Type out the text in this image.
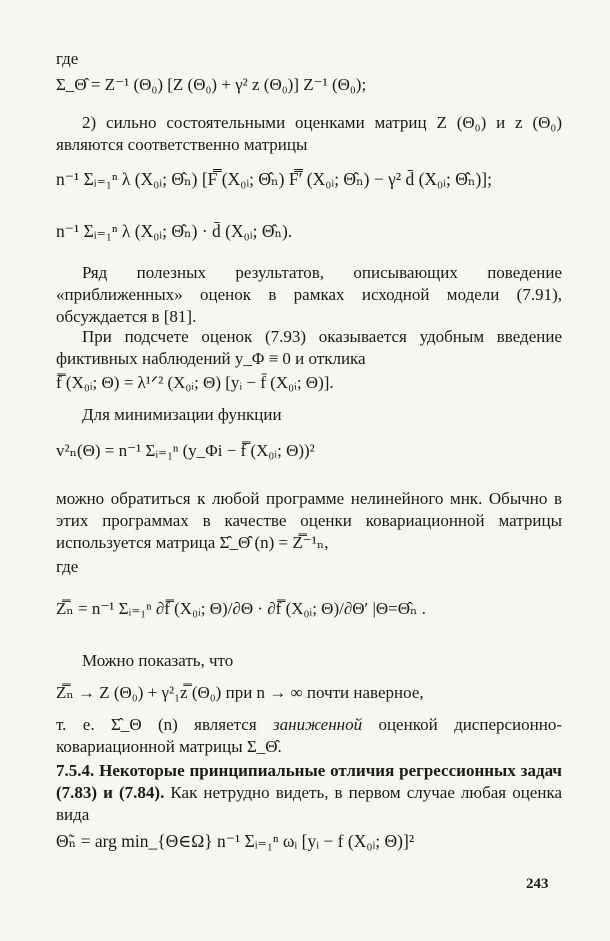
где
Σ_Θ̂ = Z⁻¹ (Θ₀) [Z (Θ₀) + γ² z (Θ₀)] Z⁻¹ (Θ₀);
2) сильно состоятельными оценками матриц Z (Θ₀) и z (Θ₀) являются соответственно матрицы
n⁻¹ Σᵢ₌₁ⁿ λ (X₀ᵢ; Θ̂ₙ) [F̿ (X₀ᵢ; Θ̂ₙ) F̿′ (X₀ᵢ; Θ̂ₙ) − γ² d̄ (X₀ᵢ; Θ̂ₙ)];
n⁻¹ Σᵢ₌₁ⁿ λ (X₀ᵢ; Θ̂ₙ) · d̄ (X₀ᵢ; Θ̂ₙ).
Ряд полезных результатов, описывающих поведение «приближенных» оценок в рамках исходной модели (7.91), обсуждается в [81].
При подсчете оценок (7.93) оказывается удобным введение фиктивных наблюдений y_Φ ≡ 0 и отклика
f̿ (X₀ᵢ; Θ) = λ¹ᐟ² (X₀ᵢ; Θ) [yᵢ − f̄ (X₀ᵢ; Θ)].
Для минимизации функции
v²ₙ(Θ) = n⁻¹ Σᵢ₌₁ⁿ (y_Φi − f̿ (X₀ᵢ; Θ))²
можно обратиться к любой программе нелинейного мнк. Обычно в этих программах в качестве оценки ковариационной матрицы используется матрица Σ̂_Θ̂ (n) = Z̿⁻¹ₙ,
где
Z̿ₙ = n⁻¹ Σᵢ₌₁ⁿ ∂f̿ (X₀ᵢ; Θ)/∂Θ · ∂f̿ (X₀ᵢ; Θ)/∂Θ′ |Θ=Θ̂ₙ .
Можно показать, что
Z̿ₙ → Z (Θ₀) + γ²₁z̿ (Θ₀) при n → ∞ почти наверное,
т. е. Σ̂_Θ (n) является заниженной оценкой дисперсионно-ковариационной матрицы Σ_Θ̂.
7.5.4. Некоторые принципиальные отличия регрессионных задач (7.83) и (7.84). Как нетрудно видеть, в первом случае любая оценка вида
Θ̃ₙ = arg min_{Θ∈Ω} n⁻¹ Σᵢ₌₁ⁿ ωᵢ [yᵢ − f (X₀ᵢ; Θ)]²
243
